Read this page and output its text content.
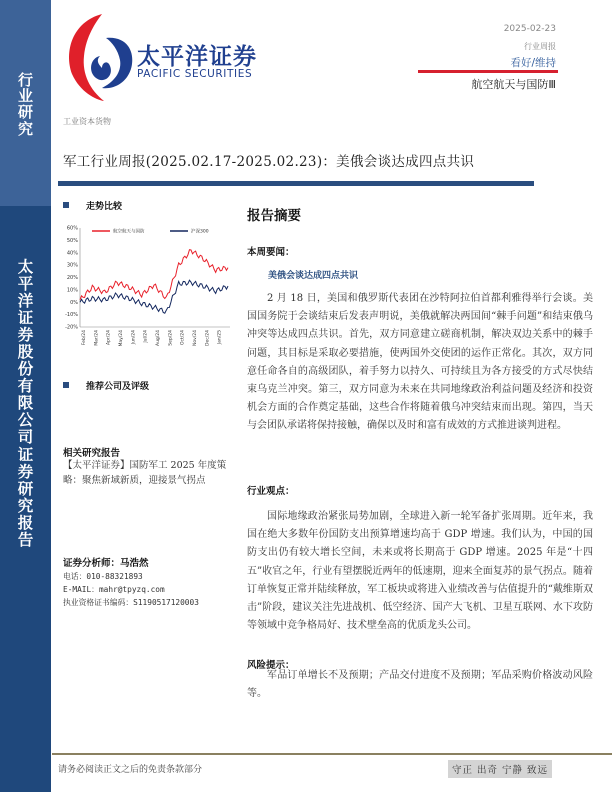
行
业
研
究
太
平
洋
证
券
股
份
有
限
公
司
证
券
研
究
报
告
太平洋证券
PACIFIC SECURITIES
工业资本货物
2025-02-23
行业周报
看好/维持
航空航天与国防Ⅲ
军工行业周报(2025.02.17-2025.02.23)：美俄会谈达成四点共识
走势比较
60%
50%
40%
30%
20%
10%
0%
-10%
-20%
Feb/24 Mar/24 Apr/24 May/24 Jun/24 Jul/24 Aug/24 Sep/24 Oct/24 Nov/24 Dec/24 Jan/25
航空航天与国防	沪深300
推荐公司及评级
相关研究报告
【太平洋证券】国防军工 2025 年度策略：聚焦新域新质，迎接景气拐点
证券分析师：马浩然
电话：010-88321893
E-MAIL：mahr@tpyzq.com
执业资格证书编码：S1190517120003
报告摘要
本周要闻：
美俄会谈达成四点共识
2 月 18 日，美国和俄罗斯代表团在沙特阿拉伯首都利雅得举行会谈。美国国务院于会谈结束后发表声明说，美俄就解决两国间“棘手问题”和结束俄乌冲突等达成四点共识。首先，双方同意建立磋商机制，解决双边关系中的棘手问题，其目标是采取必要措施，使两国外交使团的运作正常化。其次，双方同意任命各自的高级团队，着手努力以持久、可持续且为各方接受的方式尽快结束乌克兰冲突。第三，双方同意为未来在共同地缘政治利益问题及经济和投资机会方面的合作奠定基础，这些合作将随着俄乌冲突结束而出现。第四，当天与会团队承诺将保持接触，确保以及时和富有成效的方式推进谈判进程。
行业观点：
国际地缘政治紧张局势加剧，全球进入新一轮军备扩张周期。近年来，我国在绝大多数年份国防支出预算增速均高于 GDP 增速。我们认为，中国的国防支出仍有较大增长空间，未来或将长期高于 GDP 增速。2025 年是“十四五”收官之年，行业有望摆脱近两年的低速期，迎来全面复苏的景气拐点。随着订单恢复正常并陆续释放，军工板块或将进入业绩改善与估值提升的“戴维斯双击”阶段，建议关注先进战机、低空经济、国产大飞机、卫星互联网、水下攻防等领域中竞争格局好、技术壁垒高的优质龙头公司。
风险提示：
军品订单增长不及预期；产品交付进度不及预期；军品采购价格波动风险等。
请务必阅读正文之后的免责条款部分	守正 出奇 宁静 致远
